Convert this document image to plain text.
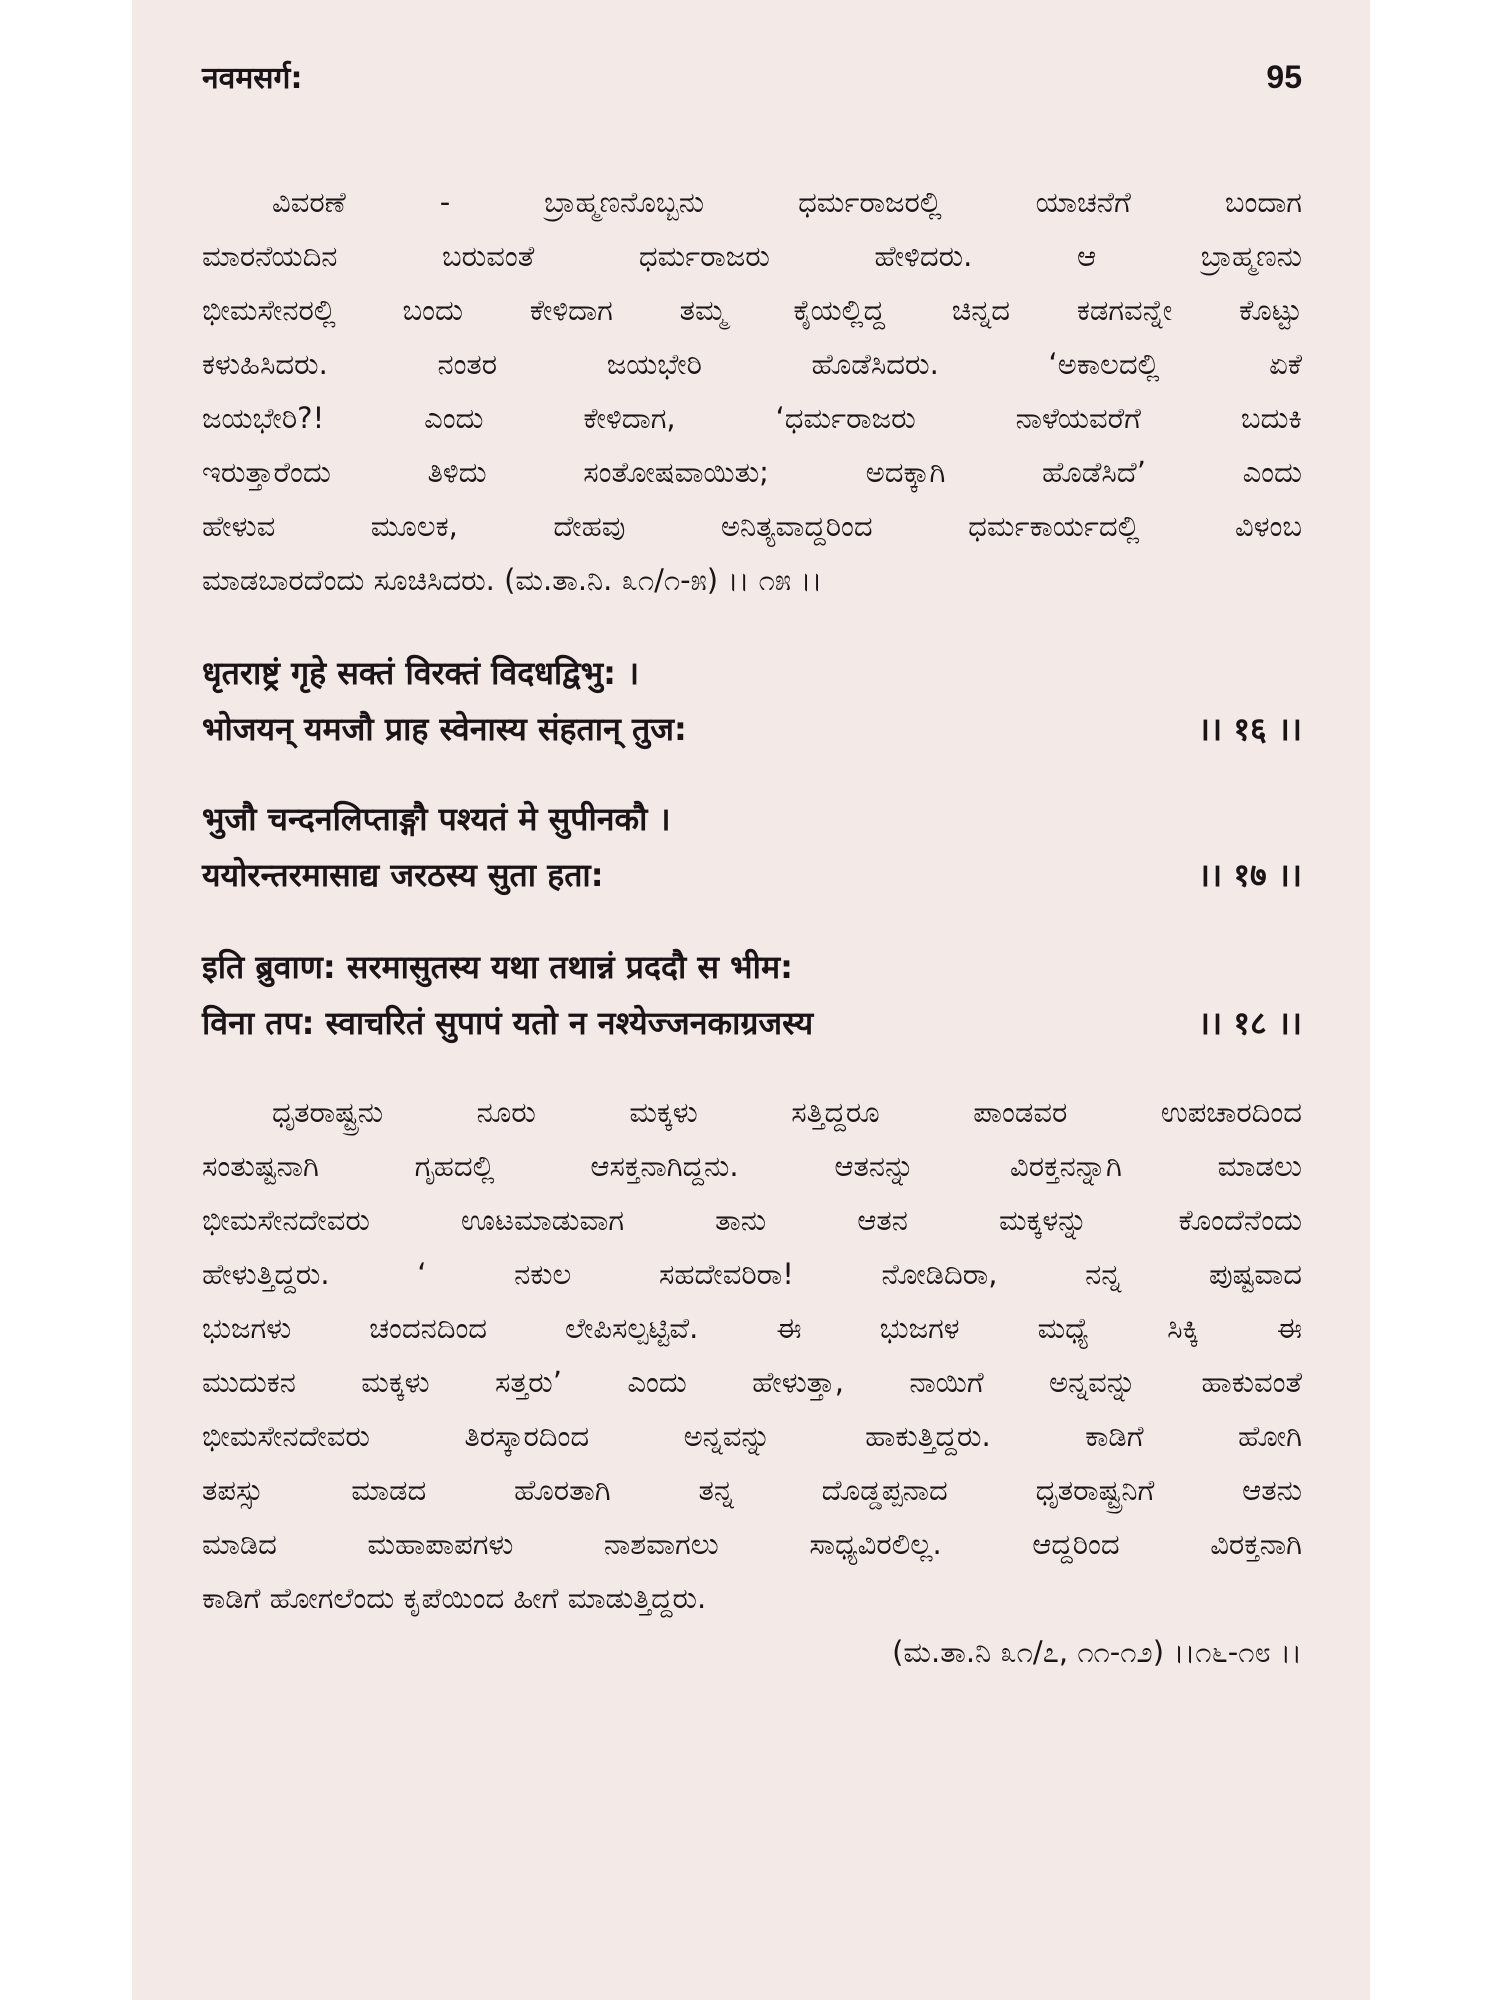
नवमसर्ग:	95

ವಿವರಣೆ - ಬ್ರಾಹ್ಮಣನೊಬ್ಬನು ಧರ್ಮರಾಜರಲ್ಲಿ ಯಾಚನೆಗೆ ಬಂದಾಗ
ಮಾರನೆಯದಿನ ಬರುವಂತೆ ಧರ್ಮರಾಜರು ಹೇಳಿದರು. ಆ ಬ್ರಾಹ್ಮಣನು
ಭೀಮಸೇನರಲ್ಲಿ ಬಂದು ಕೇಳಿದಾಗ ತಮ್ಮ ಕೈಯಲ್ಲಿದ್ದ ಚಿನ್ನದ ಕಡಗವನ್ನೇ ಕೊಟ್ಟು
ಕಳುಹಿಸಿದರು. ನಂತರ ಜಯಭೇರಿ ಹೊಡೆಸಿದರು. ‘ಅಕಾಲದಲ್ಲಿ ಏಕೆ
ಜಯಭೇರಿ?! ಎಂದು ಕೇಳಿದಾಗ, ‘ಧರ್ಮರಾಜರು ನಾಳೆಯವರೆಗೆ ಬದುಕಿ
ಇರುತ್ತಾರೆಂದು ತಿಳಿದು ಸಂತೋಷವಾಯಿತು; ಅದಕ್ಕಾಗಿ ಹೊಡೆಸಿದೆ’ ಎಂದು
ಹೇಳುವ ಮೂಲಕ, ದೇಹವು ಅನಿತ್ಯವಾದ್ದರಿಂದ ಧರ್ಮಕಾರ್ಯದಲ್ಲಿ ವಿಳಂಬ
ಮಾಡಬಾರದೆಂದು ಸೂಚಿಸಿದರು. (ಮ.ತಾ.ನಿ. ೩೧/೧-೫) ।। ೧೫ ।।

धृतराष्ट्रं गृहे सक्तं विरक्तं विदधद्विभु: ।
भोजयन् यमजौ प्राह स्वेनास्य संहतान् तुज:	।। १६ ।।
भुजौ चन्दनलिप्ताङ्गौ पश्यतं मे सुपीनकौ ।
ययोरन्तरमासाद्य जरठस्य सुता हता:	।। १७ ।।
इति ब्रुवाण: सरमासुतस्य यथा तथान्नं प्रददौ स भीम:
विना तप: स्वाचरितं सुपापं यतो न नश्येज्जनकाग्रजस्य	।। १८ ।।

ಧೃತರಾಷ್ಟ್ರನು ನೂರು ಮಕ್ಕಳು ಸತ್ತಿದ್ದರೂ ಪಾಂಡವರ ಉಪಚಾರದಿಂದ
ಸಂತುಷ್ಟನಾಗಿ ಗೃಹದಲ್ಲಿ ಆಸಕ್ತನಾಗಿದ್ದನು. ಆತನನ್ನು ವಿರಕ್ತನನ್ನಾಗಿ ಮಾಡಲು
ಭೀಮಸೇನದೇವರು ಊಟಮಾಡುವಾಗ ತಾನು ಆತನ ಮಕ್ಕಳನ್ನು ಕೊಂದೆನೆಂದು
ಹೇಳುತ್ತಿದ್ದರು. ‘ ನಕುಲ ಸಹದೇವರಿರಾ! ನೋಡಿದಿರಾ, ನನ್ನ ಪುಷ್ಟವಾದ
ಭುಜಗಳು ಚಂದನದಿಂದ ಲೇಪಿಸಲ್ಪಟ್ಟಿವೆ. ಈ ಭುಜಗಳ ಮಧ್ಯೆ ಸಿಕ್ಕಿ ಈ
ಮುದುಕನ ಮಕ್ಕಳು ಸತ್ತರು’ ಎಂದು ಹೇಳುತ್ತಾ, ನಾಯಿಗೆ ಅನ್ನವನ್ನು ಹಾಕುವಂತೆ
ಭೀಮಸೇನದೇವರು ತಿರಸ್ಕಾರದಿಂದ ಅನ್ನವನ್ನು ಹಾಕುತ್ತಿದ್ದರು. ಕಾಡಿಗೆ ಹೋಗಿ
ತಪಸ್ಸು ಮಾಡದ ಹೊರತಾಗಿ ತನ್ನ ದೊಡ್ಡಪ್ಪನಾದ ಧೃತರಾಷ್ಟ್ರನಿಗೆ ಆತನು
ಮಾಡಿದ ಮಹಾಪಾಪಗಳು ನಾಶವಾಗಲು ಸಾಧ್ಯವಿರಲಿಲ್ಲ. ಆದ್ದರಿಂದ ವಿರಕ್ತನಾಗಿ
ಕಾಡಿಗೆ ಹೋಗಲೆಂದು ಕೃಪೆಯಿಂದ ಹೀಗೆ ಮಾಡುತ್ತಿದ್ದರು.

(ಮ.ತಾ.ನಿ ೩೧/೭, ೧೧-೧೨) ।।೧೬-೧೮ ।।
